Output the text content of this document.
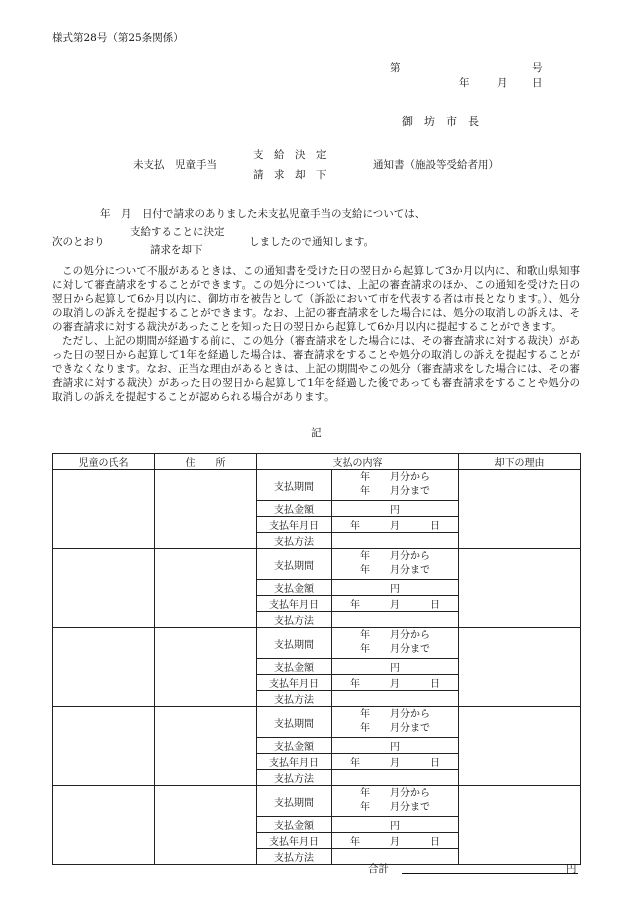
様式第28号（第25条関係）
第	号
年	月 日
御　坊　市　長
未支払　児童手当
支　給　決　定
請　求　却　下
通知書（施設等受給者用）
年　月　日付で請求のありました未支払児童手当の支給については、
次のとおり
支給することに決定
請求を却下
しましたので通知します。

この処分について不服があるときは、この通知書を受けた日の翌日から起算して3か月以内に、和歌山県知事に対して審査請求をすることができます。この処分については、上記の審査請求のほか、この通知を受けた日の翌日から起算して6か月以内に、御坊市を被告として（訴訟において市を代表する者は市長となります。）、処分の取消しの訴えを提起することができます。なお、上記の審査請求をした場合には、処分の取消しの訴えは、その審査請求に対する裁決があったことを知った日の翌日から起算して6か月以内に提起することができます。

ただし、上記の期間が経過する前に、この処分（審査請求をした場合には、その審査請求に対する裁決）があった日の翌日から起算して1年を経過した場合は、審査請求をすることや処分の取消しの訴えを提起することができなくなります。なお、正当な理由があるときは、上記の期間やこの処分（審査請求をした場合には、その審査請求に対する裁決）があった日の翌日から起算して1年を経過した後であっても審査請求をすることや処分の取消しの訴えを提起することが認められる場合があります。

記
児童の氏名	住　　所	支払の内容		却下の理由
		支払期間	年　　月分から
年　　月分まで	

		支払金額	円	
		支払年月日	年　　　月　　　日	
		支払方法		
		支払期間	年　　月分から
年　　月分まで	

		支払金額	円	
		支払年月日	年　　　月　　　日	
		支払方法		
		支払期間	年　　月分から
年　　月分まで	

		支払金額	円	
		支払年月日	年　　　月　　　日	
		支払方法		
		支払期間	年　　月分から
年　　月分まで	

		支払金額	円	
		支払年月日	年　　　月　　　日	
		支払方法		
		支払期間	年　　月分から
年　　月分まで	

		支払金額	円	
		支払年月日	年　　　月　　　日	
		支払方法		
合計	円
